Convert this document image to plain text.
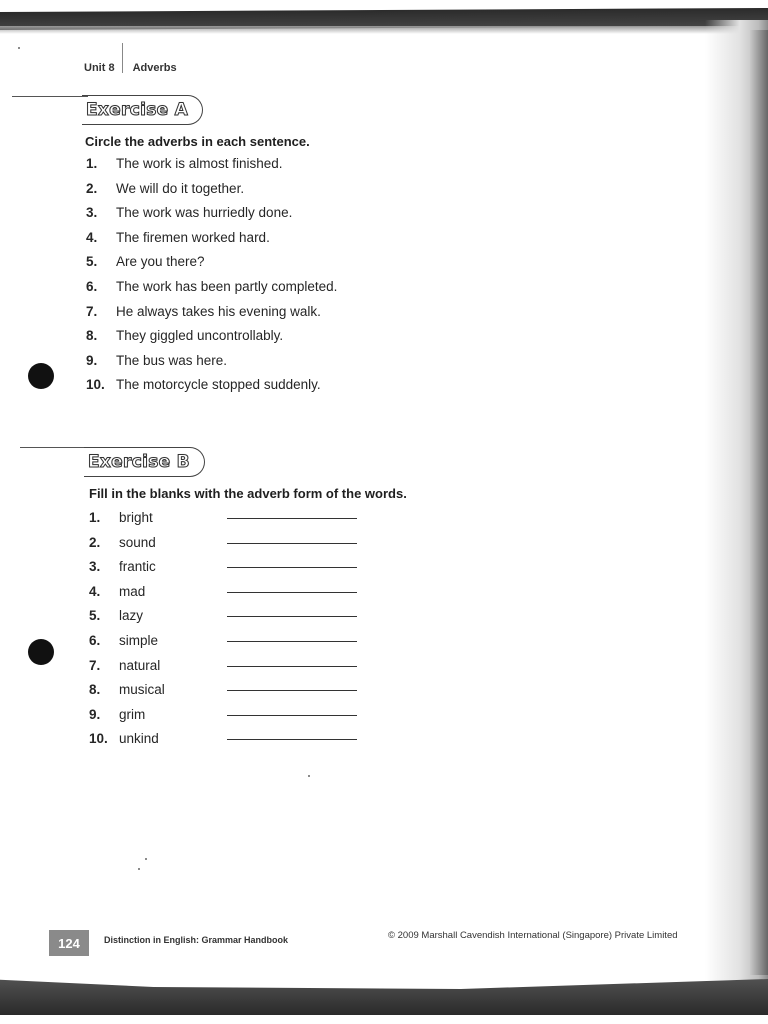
Unit 8 Adverbs
Exercise A
Circle the adverbs in each sentence.
1.	The work is almost finished.
2.	We will do it together.
3.	The work was hurriedly done.
4.	The firemen worked hard.
5.	Are you there?
6.	The work has been partly completed.
7.	He always takes his evening walk.
8.	They giggled uncontrollably.
9.	The bus was here.
10. The motorcycle stopped suddenly.
Exercise B
Fill in the blanks with the adverb form of the words.
1.	bright
2.	sound
3.	frantic
4.	mad
5.	lazy
6.	simple
7.	natural
8.	musical
9.	grim
10. unkind
124	Distinction in English: Grammar Handbook	© 2009 Marshall Cavendish International (Singapore) Private Limited
